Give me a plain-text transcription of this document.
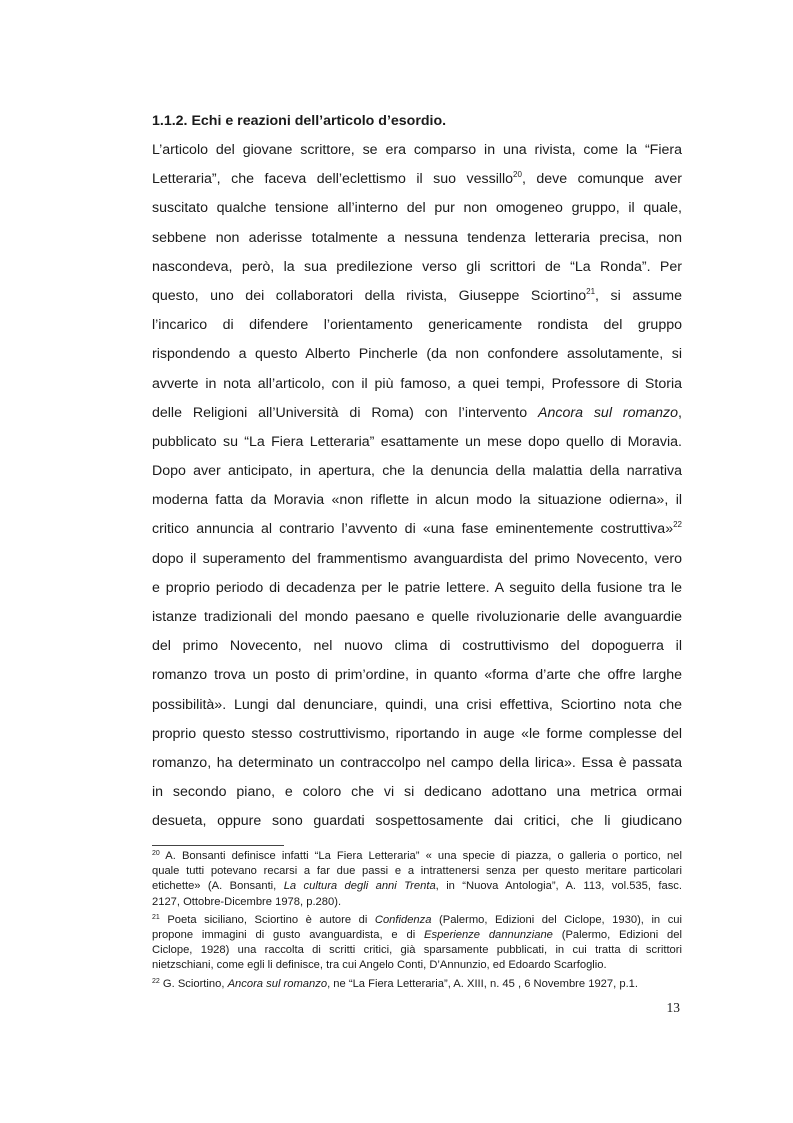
1.1.2. Echi e reazioni dell’articolo d’esordio.
L’articolo del giovane scrittore, se era comparso in una rivista, come la “Fiera
Letteraria”, che faceva dell’eclettismo il suo vessillo$^{20}$, deve comunque aver
suscitato qualche tensione all’interno del pur non omogeneo gruppo, il quale,
sebbene non aderisse totalmente a nessuna tendenza letteraria precisa, non
nascondeva, però, la sua predilezione verso gli scrittori de “La Ronda”. Per
questo, uno dei collaboratori della rivista, Giuseppe Sciortino$^{21}$, si assume
l’incarico di difendere l’orientamento genericamente rondista del gruppo
rispondendo a questo Alberto Pincherle (da non confondere assolutamente, si
avverte in nota all’articolo, con il più famoso, a quei tempi, Professore di Storia
delle Religioni all’Università di Roma) con l’intervento Ancora sul romanzo,
pubblicato su “La Fiera Letteraria” esattamente un mese dopo quello di Moravia.
Dopo aver anticipato, in apertura, che la denuncia della malattia della narrativa
moderna fatta da Moravia «non riflette in alcun modo la situazione odierna», il
critico annuncia al contrario l’avvento di «una fase eminentemente costruttiva»$^{22}$
dopo il superamento del frammentismo avanguardista del primo Novecento, vero
e proprio periodo di decadenza per le patrie lettere. A seguito della fusione tra le
istanze tradizionali del mondo paesano e quelle rivoluzionarie delle avanguardie
del primo Novecento, nel nuovo clima di costruttivismo del dopoguerra il
romanzo trova un posto di prim’ordine, in quanto «forma d’arte che offre larghe
possibilità». Lungi dal denunciare, quindi, una crisi effettiva, Sciortino nota che
proprio questo stesso costruttivismo, riportando in auge «le forme complesse del
romanzo, ha determinato un contraccolpo nel campo della lirica». Essa è passata
in secondo piano, e coloro che vi si dedicano adottano una metrica ormai
desueta, oppure sono guardati sospettosamente dai critici, che li giudicano
$^{20}$ A. Bonsanti definisce infatti “La Fiera Letteraria” « una specie di piazza, o galleria o portico, nel
quale tutti potevano recarsi a far due passi e a intrattenersi senza per questo meritare particolari
etichette» (A. Bonsanti, La cultura degli anni Trenta, in “Nuova Antologia”, A. 113, vol.535, fasc.
2127, Ottobre-Dicembre 1978, p.280).
$^{21}$ Poeta siciliano, Sciortino è autore di Confidenza (Palermo, Edizioni del Ciclope, 1930), in cui
propone immagini di gusto avanguardista, e di Esperienze dannunziane (Palermo, Edizioni del
Ciclope, 1928) una raccolta di scritti critici, già sparsamente pubblicati, in cui tratta di scrittori
nietzschiani, come egli li definisce, tra cui Angelo Conti, D’Annunzio, ed Edoardo Scarfoglio.
$^{22}$ G. Sciortino, Ancora sul romanzo, ne “La Fiera Letteraria”, A. XIII, n. 45 , 6 Novembre 1927, p.1.
13
